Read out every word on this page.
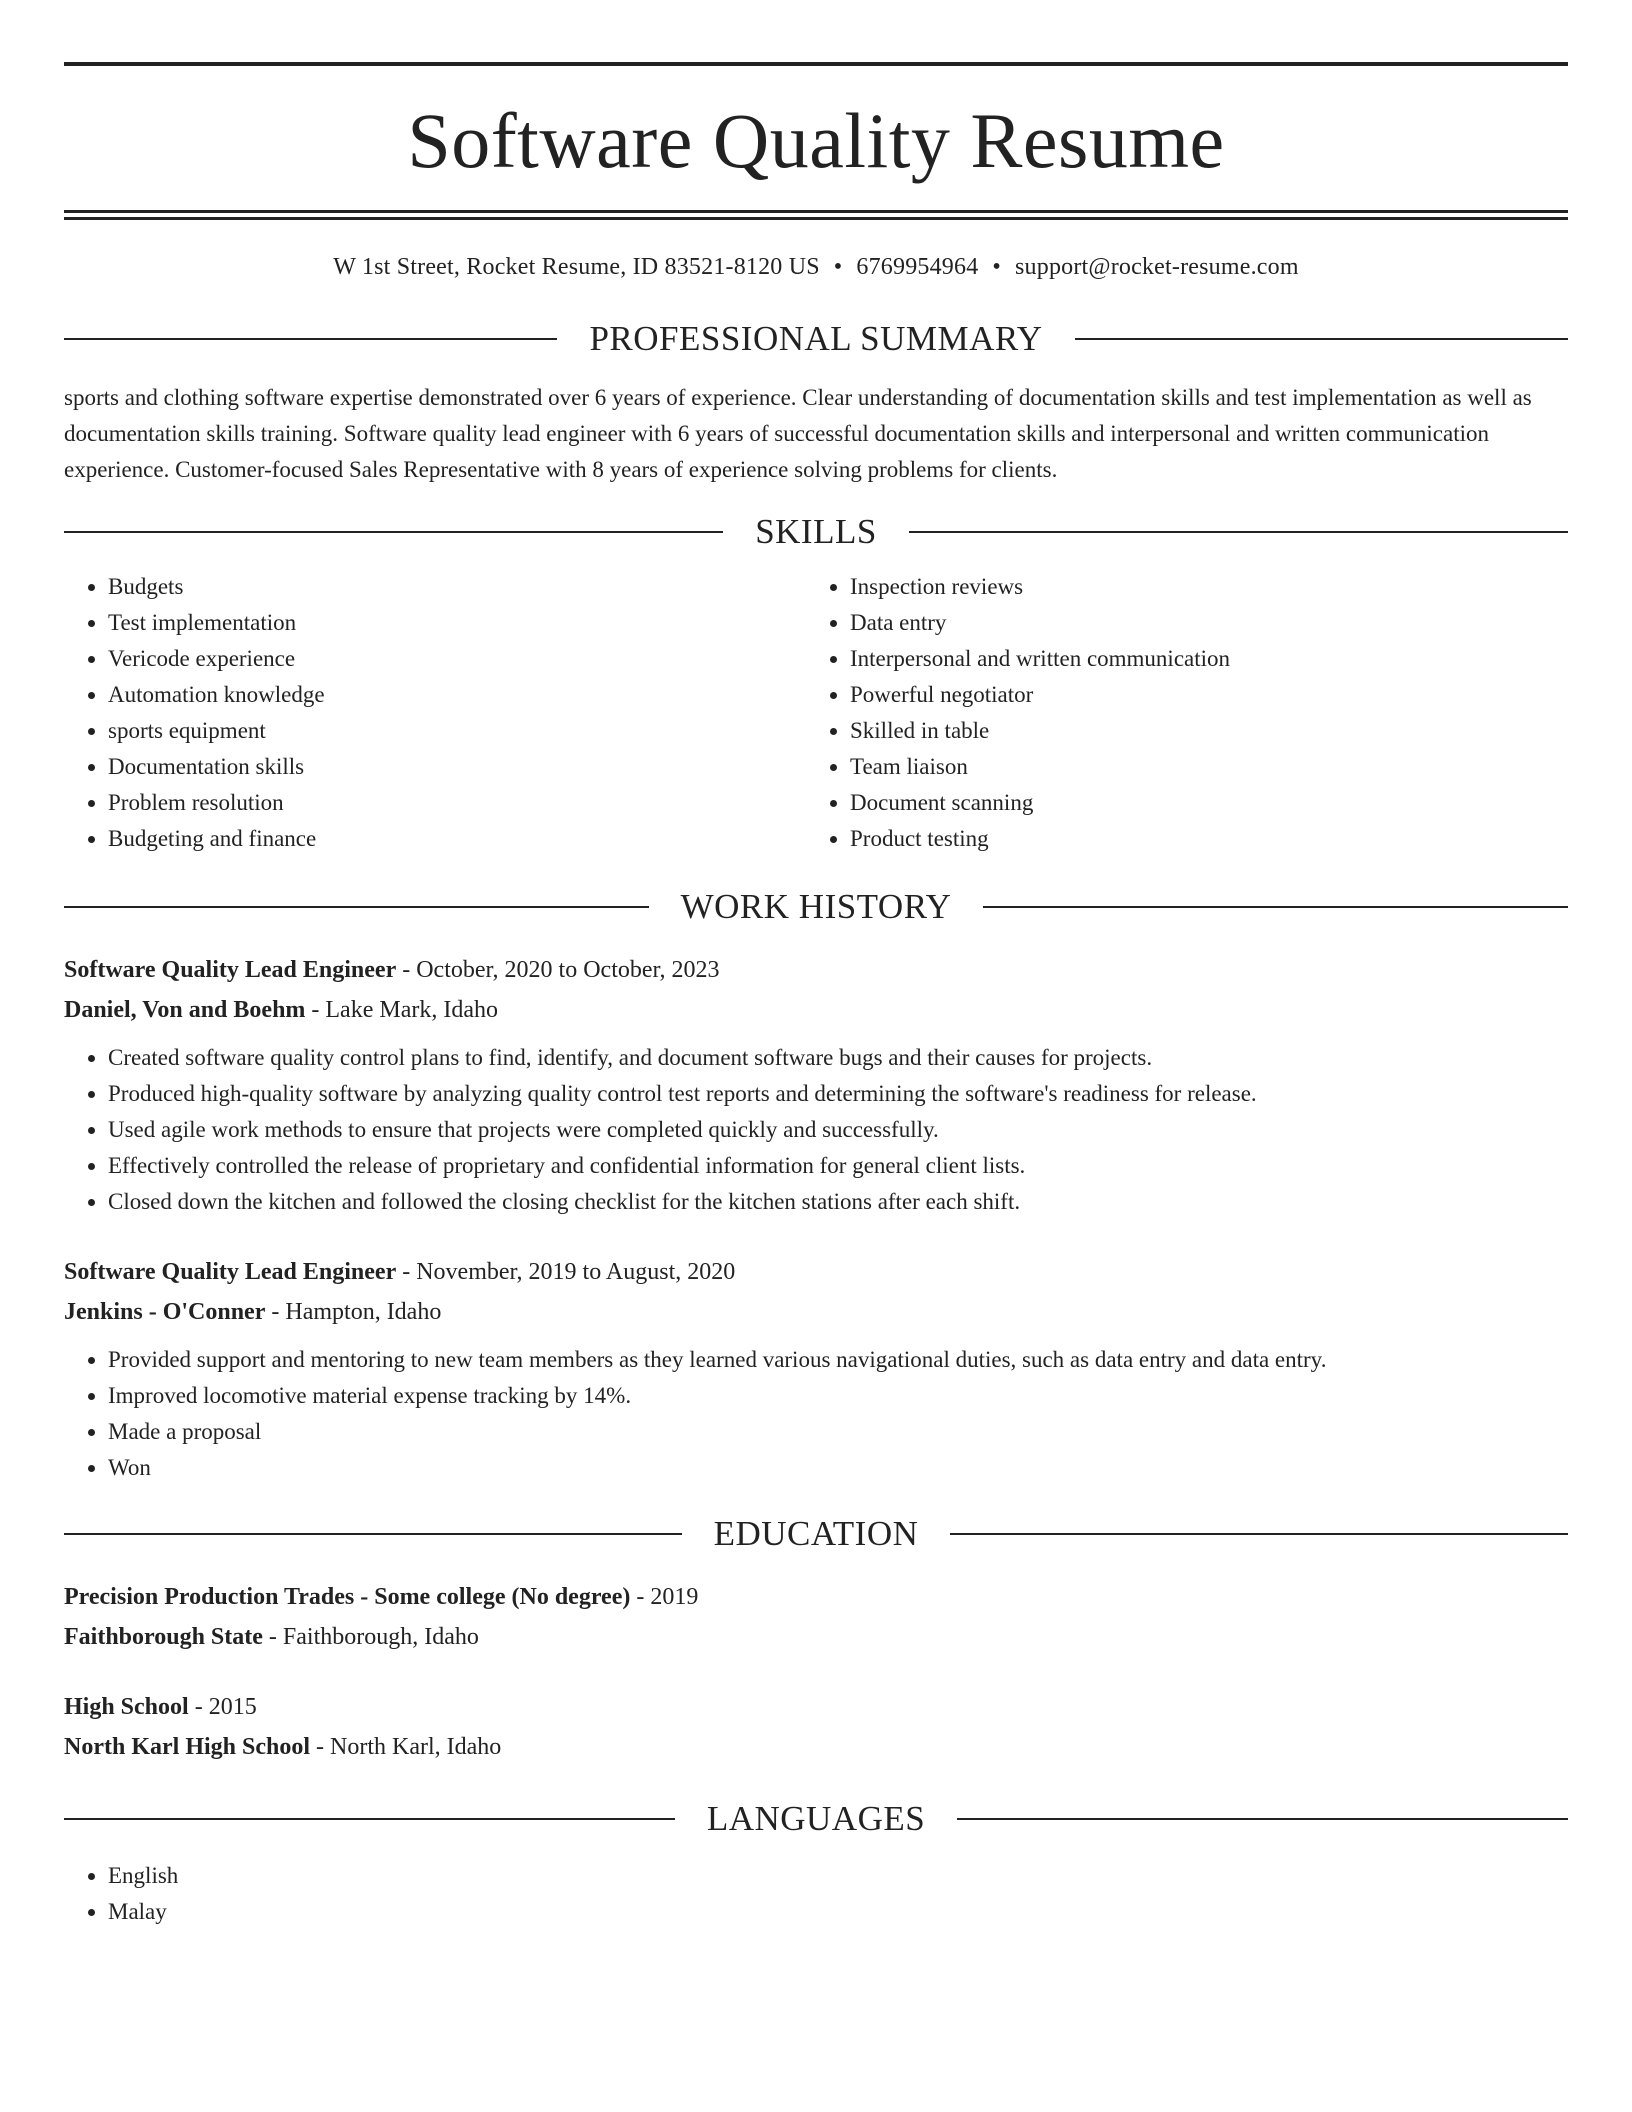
Software Quality Resume
W 1st Street, Rocket Resume, ID 83521-8120 US • 6769954964 • support@rocket-resume.com
PROFESSIONAL SUMMARY
sports and clothing software expertise demonstrated over 6 years of experience. Clear understanding of documentation skills and test implementation as well as documentation skills training. Software quality lead engineer with 6 years of successful documentation skills and interpersonal and written communication experience. Customer-focused Sales Representative with 8 years of experience solving problems for clients.
SKILLS
• Budgets
• Test implementation
• Vericode experience
• Automation knowledge
• sports equipment
• Documentation skills
• Problem resolution
• Budgeting and finance
• Inspection reviews
• Data entry
• Interpersonal and written communication
• Powerful negotiator
• Skilled in table
• Team liaison
• Document scanning
• Product testing
WORK HISTORY
Software Quality Lead Engineer - October, 2020 to October, 2023
Daniel, Von and Boehm - Lake Mark, Idaho
• Created software quality control plans to find, identify, and document software bugs and their causes for projects.
• Produced high-quality software by analyzing quality control test reports and determining the software's readiness for release.
• Used agile work methods to ensure that projects were completed quickly and successfully.
• Effectively controlled the release of proprietary and confidential information for general client lists.
• Closed down the kitchen and followed the closing checklist for the kitchen stations after each shift.
Software Quality Lead Engineer - November, 2019 to August, 2020
Jenkins - O'Conner - Hampton, Idaho
• Provided support and mentoring to new team members as they learned various navigational duties, such as data entry and data entry.
• Improved locomotive material expense tracking by 14%.
• Made a proposal
• Won
EDUCATION
Precision Production Trades - Some college (No degree) - 2019
Faithborough State - Faithborough, Idaho
High School - 2015
North Karl High School - North Karl, Idaho
LANGUAGES
• English
• Malay
